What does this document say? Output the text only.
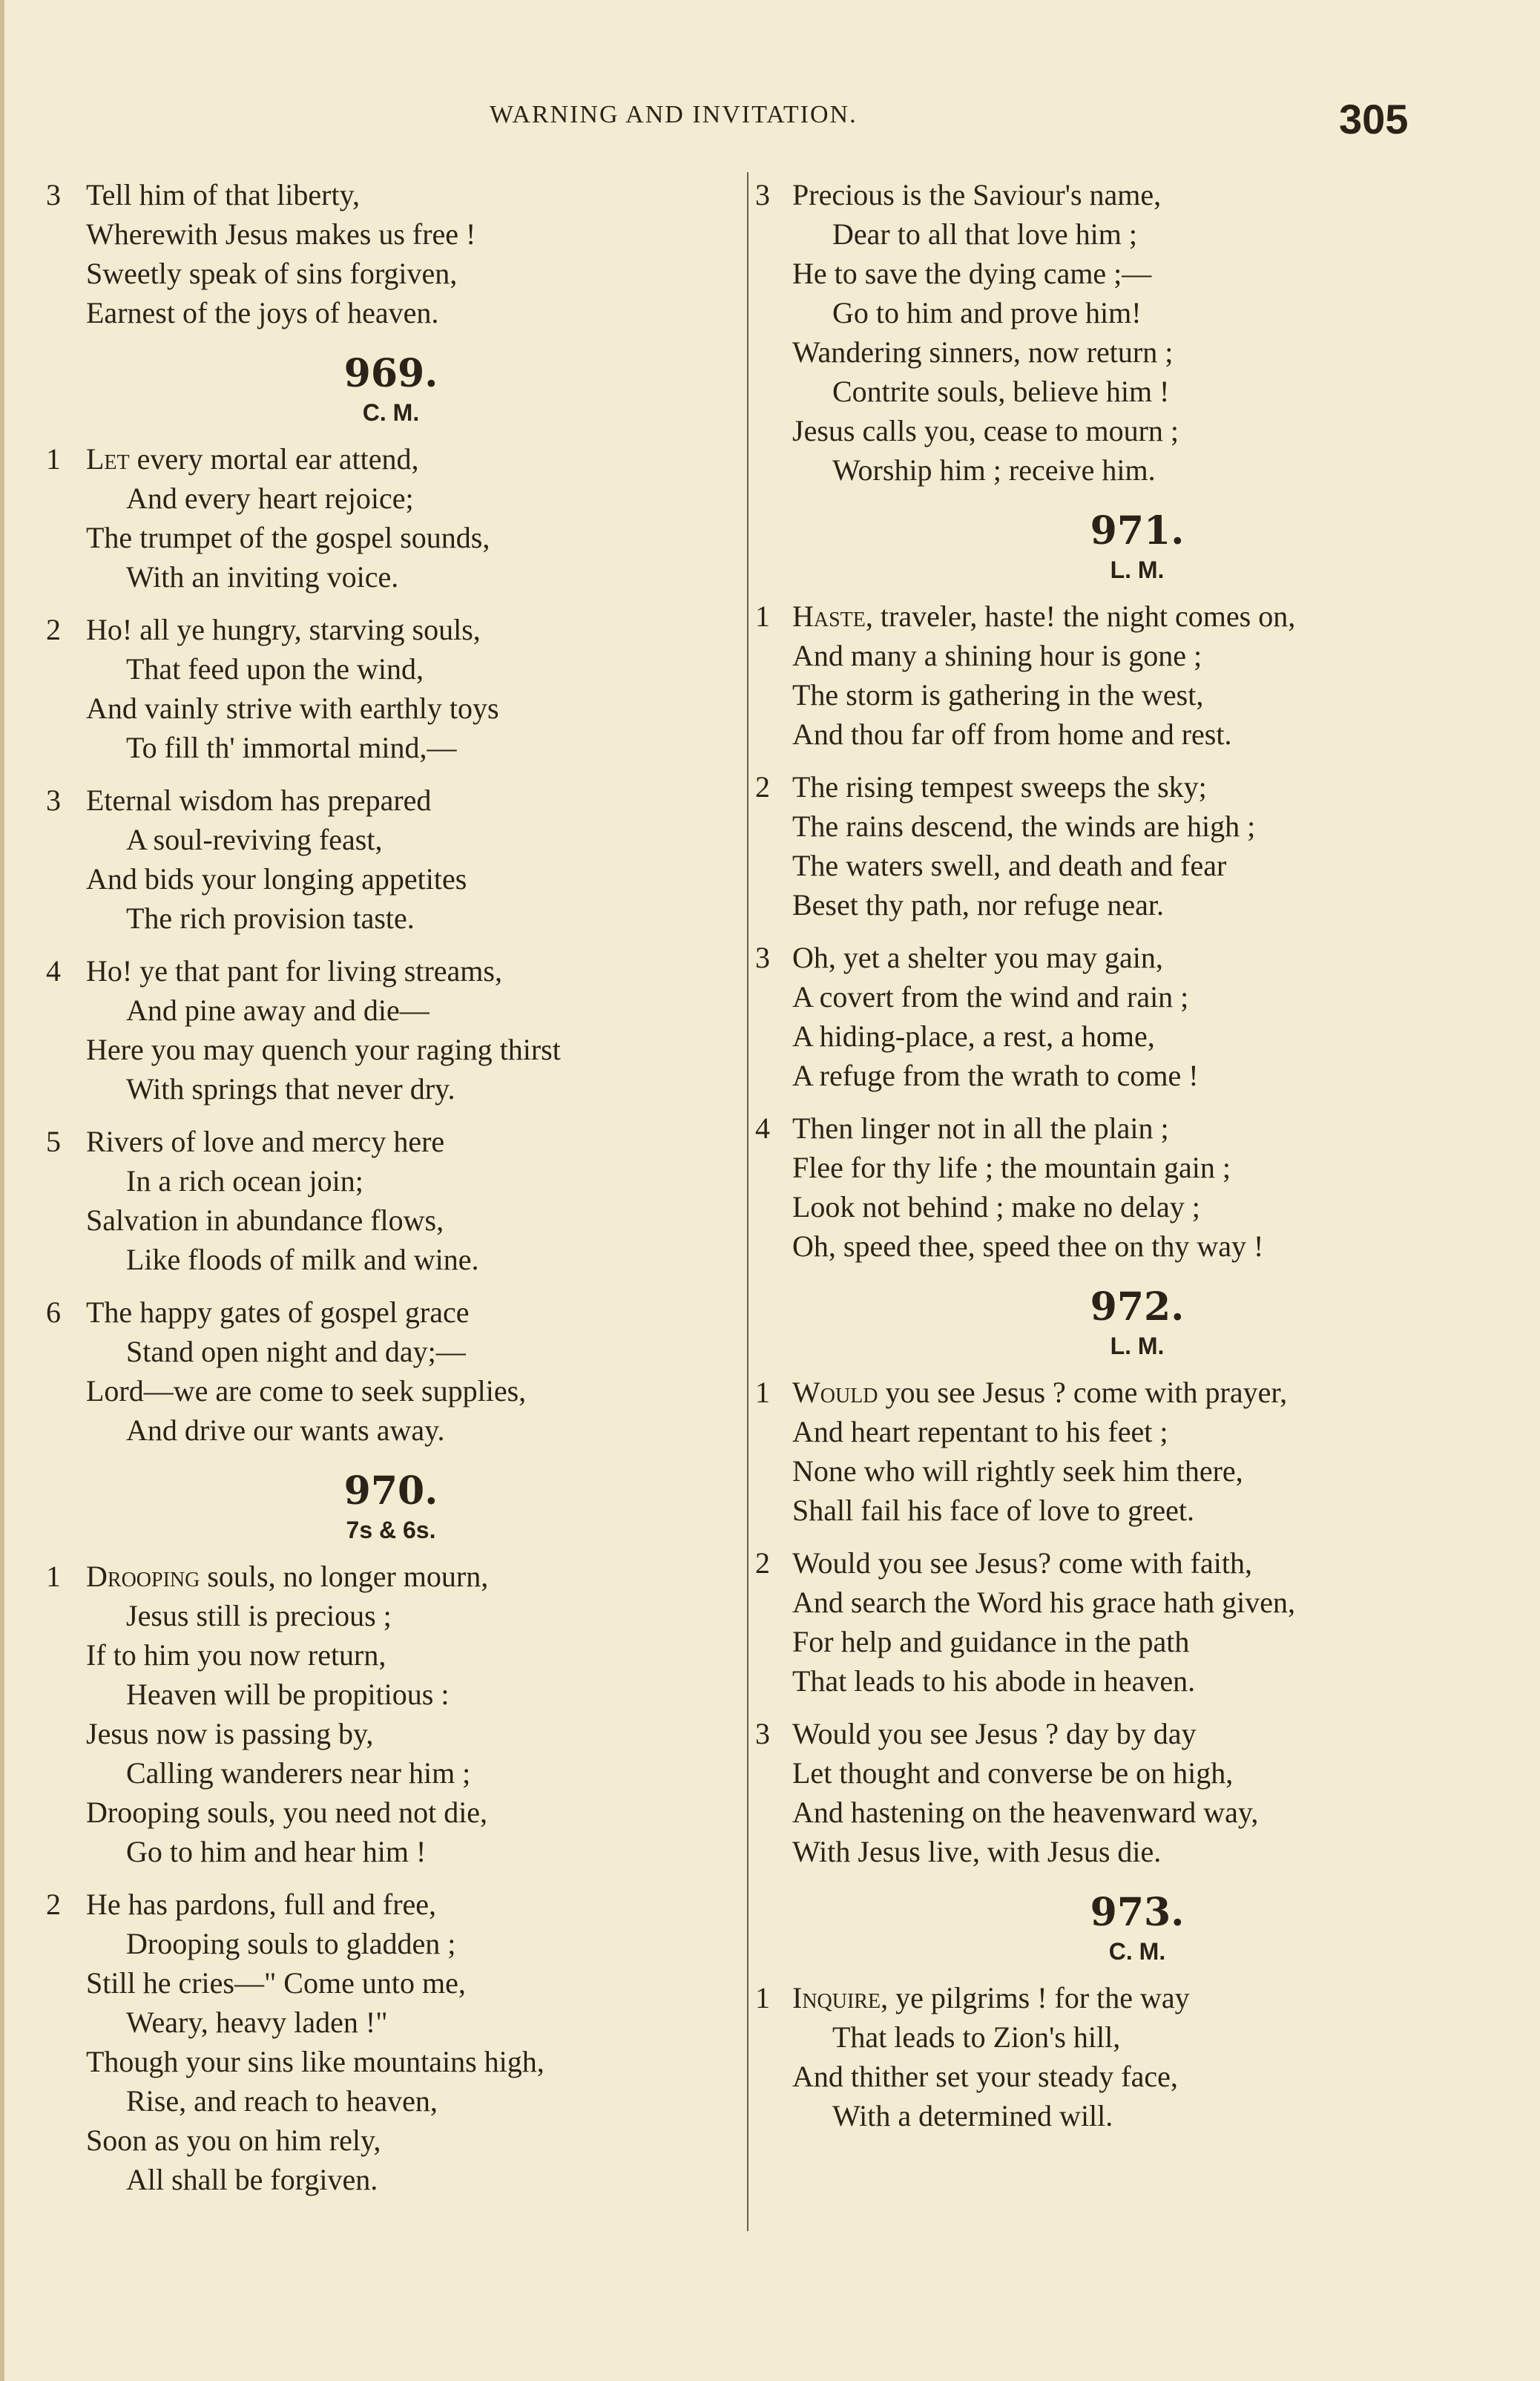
WARNING AND INVITATION.	305
3 Tell him of that liberty,
Wherewith Jesus makes us free !
Sweetly speak of sins forgiven,
Earnest of the joys of heaven.
969.
C. M.
1 Let every mortal ear attend,
And every heart rejoice;
The trumpet of the gospel sounds,
With an inviting voice.
2 Ho! all ye hungry, starving souls,
That feed upon the wind,
And vainly strive with earthly toys
To fill th' immortal mind,—
3 Eternal wisdom has prepared
A soul-reviving feast,
And bids your longing appetites
The rich provision taste.
4 Ho! ye that pant for living streams,
And pine away and die—
Here you may quench your raging thirst
With springs that never dry.
5 Rivers of love and mercy here
In a rich ocean join;
Salvation in abundance flows,
Like floods of milk and wine.
6 The happy gates of gospel grace
Stand open night and day;—
Lord—we are come to seek supplies,
And drive our wants away.
970.
7s & 6s.
1 Drooping souls, no longer mourn,
Jesus still is precious ;
If to him you now return,
Heaven will be propitious :
Jesus now is passing by,
Calling wanderers near him ;
Drooping souls, you need not die,
Go to him and hear him !
2 He has pardons, full and free,
Drooping souls to gladden ;
Still he cries—" Come unto me,
Weary, heavy laden !"
Though your sins like mountains high,
Rise, and reach to heaven,
Soon as you on him rely,
All shall be forgiven.
3 Precious is the Saviour's name,
Dear to all that love him ;
He to save the dying came ;—
Go to him and prove him!
Wandering sinners, now return ;
Contrite souls, believe him !
Jesus calls you, cease to mourn ;
Worship him ; receive him.
971.
L. M.
1 Haste, traveler, haste! the night comes on,
And many a shining hour is gone ;
The storm is gathering in the west,
And thou far off from home and rest.
2 The rising tempest sweeps the sky;
The rains descend, the winds are high ;
The waters swell, and death and fear
Beset thy path, nor refuge near.
3 Oh, yet a shelter you may gain,
A covert from the wind and rain ;
A hiding-place, a rest, a home,
A refuge from the wrath to come !
4 Then linger not in all the plain ;
Flee for thy life ; the mountain gain ;
Look not behind ; make no delay ;
Oh, speed thee, speed thee on thy way !
972.
L. M.
1 Would you see Jesus ? come with prayer,
And heart repentant to his feet ;
None who will rightly seek him there,
Shall fail his face of love to greet.
2 Would you see Jesus? come with faith,
And search the Word his grace hath given,
For help and guidance in the path
That leads to his abode in heaven.
3 Would you see Jesus ? day by day
Let thought and converse be on high,
And hastening on the heavenward way,
With Jesus live, with Jesus die.
973.
C. M.
1 Inquire, ye pilgrims ! for the way
That leads to Zion's hill,
And thither set your steady face,
With a determined will.
